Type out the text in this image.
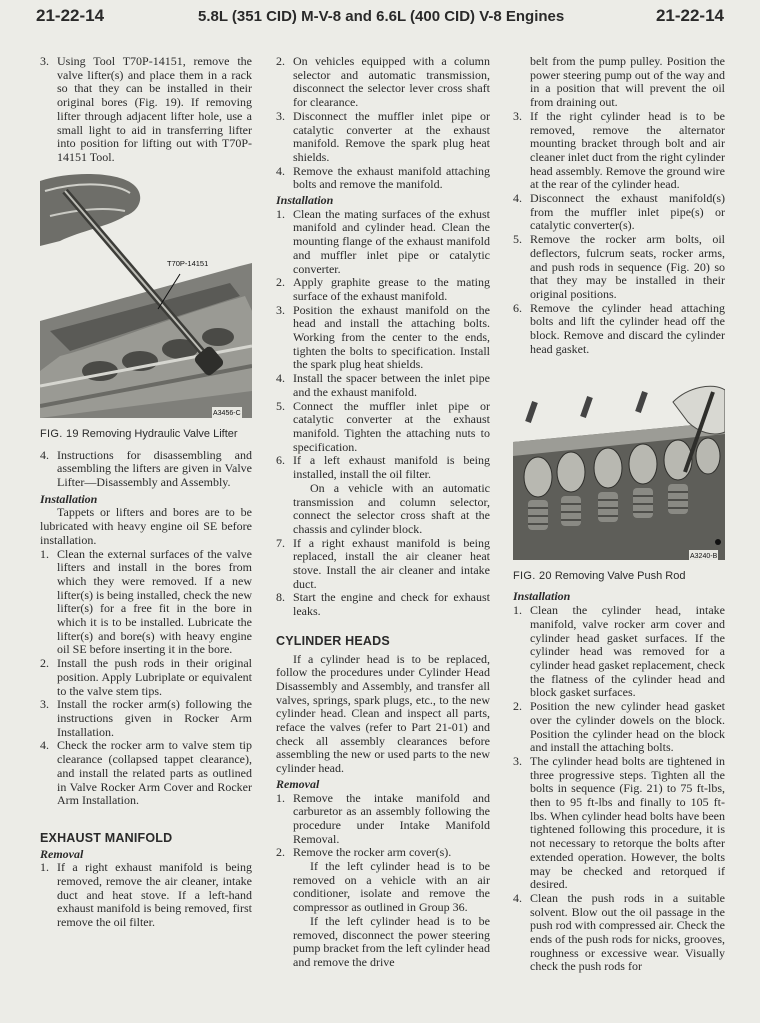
21-22-14	5.8L (351 CID) M-V-8 and 6.6L (400 CID) V-8 Engines	21-22-14
3. Using Tool T70P-14151, remove the valve lifter(s) and place them in a rack so that they can be installed in their original bores (Fig. 19). If removing lifter through adjacent lifter hole, use a small light to aid in transferring lifter into position for lifting out with T70P-14151 Tool.
T70P-14151
A3456-C
FIG. 19 Removing Hydraulic Valve Lifter
4. Instructions for disassembling and assembling the lifters are given in Valve Lifter—Disassembly and Assembly.

Installation

Tappets or lifters and bores are to be lubricated with heavy engine oil SE before installation.

1. Clean the external surfaces of the valve lifters and install in the bores from which they were removed. If a new lifter(s) is being installed, check the new lifter(s) for a free fit in the bore in which it is to be installed. Lubricate the lifter(s) and bore(s) with heavy engine oil SE before inserting it in the bore.
2. Install the push rods in their original position. Apply Lubriplate or equivalent to the valve stem tips.
3. Install the rocker arm(s) following the instructions given in Rocker Arm Installation.
4. Check the rocker arm to valve stem tip clearance (collapsed tappet clearance), and install the related parts as outlined in Valve Rocker Arm Cover and Rocker Arm Installation.

EXHAUST MANIFOLD

Removal

1. If a right exhaust manifold is being removed, remove the air cleaner, intake duct and heat stove. If a left-hand exhaust manifold is being removed, first remove the oil filter.
2. On vehicles equipped with a column selector and automatic transmission, disconnect the selector lever cross shaft for clearance.
3. Disconnect the muffler inlet pipe or catalytic converter at the exhaust manifold. Remove the spark plug heat shields.
4. Remove the exhaust manifold attaching bolts and remove the manifold.

Installation

1. Clean the mating surfaces of the exhust manifold and cylinder head. Clean the mounting flange of the exhaust manifold and muffler inlet pipe or catalytic converter.
2. Apply graphite grease to the mating surface of the exhaust manifold.
3. Position the exhaust manifold on the head and install the attaching bolts. Working from the center to the ends, tighten the bolts to specification. Install the spark plug heat shields.
4. Install the spacer between the inlet pipe and the exhaust manifold.
5. Connect the muffler inlet pipe or catalytic converter at the exhaust manifold. Tighten the attaching nuts to specification.
6. If a left exhaust manifold is being installed, install the oil filter.

On a vehicle with an automatic transmission and column selector, connect the selector cross shaft at the chassis and cylinder block.

7. If a right exhaust manifold is being replaced, install the air cleaner heat stove. Install the air cleaner and intake duct.
8. Start the engine and check for exhaust leaks.

CYLINDER HEADS

If a cylinder head is to be replaced, follow the procedures under Cylinder Head Disassembly and Assembly, and transfer all valves, springs, spark plugs, etc., to the new cylinder head. Clean and inspect all parts, reface the valves (refer to Part 21-01) and check all assembly clearances before assembling the new or used parts to the new cylinder head.

Removal

1. Remove the intake manifold and carburetor as an assembly following the procedure under Intake Manifold Removal.
2. Remove the rocker arm cover(s).

If the left cylinder head is to be removed on a vehicle with an air conditioner, isolate and remove the compressor as outlined in Group 36.

If the left cylinder head is to be removed, disconnect the power steering pump bracket from the left cylinder head and remove the drive

belt from the pump pulley. Position the power steering pump out of the way and in a position that will prevent the oil from draining out.

3. If the right cylinder head is to be removed, remove the alternator mounting bracket through bolt and air cleaner inlet duct from the right cylinder head assembly. Remove the ground wire at the rear of the cylinder head.
4. Disconnect the exhaust manifold(s) from the muffler inlet pipe(s) or catalytic converter(s).
5. Remove the rocker arm bolts, oil deflectors, fulcrum seats, rocker arms, and push rods in sequence (Fig. 20) so that they may be installed in their original positions.
6. Remove the cylinder head attaching bolts and lift the cylinder head off the block. Remove and discard the cylinder head gasket.
A3240-B
FIG. 20 Removing Valve Push Rod

Installation

1. Clean the cylinder head, intake manifold, valve rocker arm cover and cylinder head gasket surfaces. If the cylinder head was removed for a cylinder head gasket replacement, check the flatness of the cylinder head and block gasket surfaces.
2. Position the new cylinder head gasket over the cylinder dowels on the block. Position the cylinder head on the block and install the attaching bolts.
3. The cylinder head bolts are tightened in three progressive steps. Tighten all the bolts in sequence (Fig. 21) to 75 ft-lbs, then to 95 ft-lbs and finally to 105 ft-lbs. When cylinder head bolts have been tightened following this procedure, it is not necessary to retorque the bolts after extended operation. However, the bolts may be checked and retorqued if desired.
4. Clean the push rods in a suitable solvent. Blow out the oil passage in the push rod with compressed air. Check the ends of the push rods for nicks, grooves, roughness or excessive wear. Visually check the push rods for
